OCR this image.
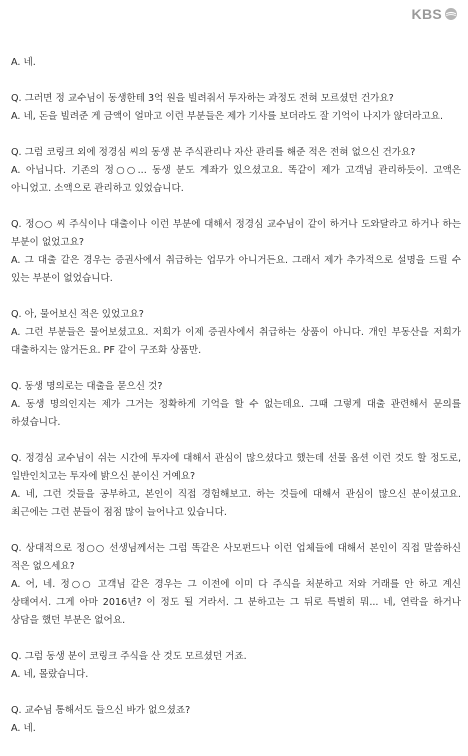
KBS
A. 네.
Q. 그러면 정 교수님이 동생한테 3억 원을 빌려줘서 투자하는 과정도 전혀 모르셨던 건가요?
A. 네, 돈을 빌려준 게 금액이 얼마고 이런 부분들은 제가 기사를 보더라도 잘 기억이 나지가 않더라고요.
Q. 그럼 코링크 외에 정경심 씨의 동생 분 주식관리나 자산 관리를 해준 적은 전혀 없으신 건가요?
A. 아닙니다. 기존의 정○○... 동생 분도 계좌가 있으셨고요. 똑같이 제가 고객님 관리하듯이. 고액은 아니었고. 소액으로 관리하고 있었습니다.
Q. 정○○ 씨 주식이나 대출이나 이런 부분에 대해서 정경심 교수님이 같이 하거나 도와달라고 하거나 하는 부분이 없었고요?
A. 그 대출 같은 경우는 증권사에서 취급하는 업무가 아니거든요. 그래서 제가 추가적으로 설명을 드릴 수 있는 부분이 없었습니다.
Q. 아, 물어보신 적은 있었고요?
A. 그런 부분들은 물어보셨고요. 저희가 이제 증권사에서 취급하는 상품이 아니다. 개인 부동산을 저희가 대출하지는 않거든요. PF 같이 구조화 상품만.
Q. 동생 명의로는 대출을 묻으신 것?
A. 동생 명의인지는 제가 그거는 정확하게 기억을 할 수 없는데요. 그때 그렇게 대출 관련해서 문의를 하셨습니다.
Q. 정경심 교수님이 쉬는 시간에 투자에 대해서 관심이 많으셨다고 했는데 선물 옵션 이런 것도 할 정도로, 일반인치고는 투자에 밝으신 분이신 거예요?
A. 네, 그런 것들을 공부하고, 본인이 직접 경험해보고. 하는 것들에 대해서 관심이 많으신 분이셨고요. 최근에는 그런 분들이 점점 많이 늘어나고 있습니다.
Q. 상대적으로 정○○ 선생님께서는 그럼 똑같은 사모펀드나 이런 업체들에 대해서 본인이 직접 말씀하신 적은 없으세요?
A. 어, 네. 정○○ 고객님 같은 경우는 그 이전에 이미 다 주식을 처분하고 저와 거래를 안 하고 계신 상태여서. 그게 아마 2016년? 이 정도 될 거라서. 그 분하고는 그 뒤로 특별히 뭐... 네, 연락을 하거나 상담을 했던 부분은 없어요.
Q. 그럼 동생 분이 코링크 주식을 산 것도 모르셨던 거죠.
A. 네, 몰랐습니다.
Q. 교수님 통해서도 들으신 바가 없으셨죠?
A. 네.
